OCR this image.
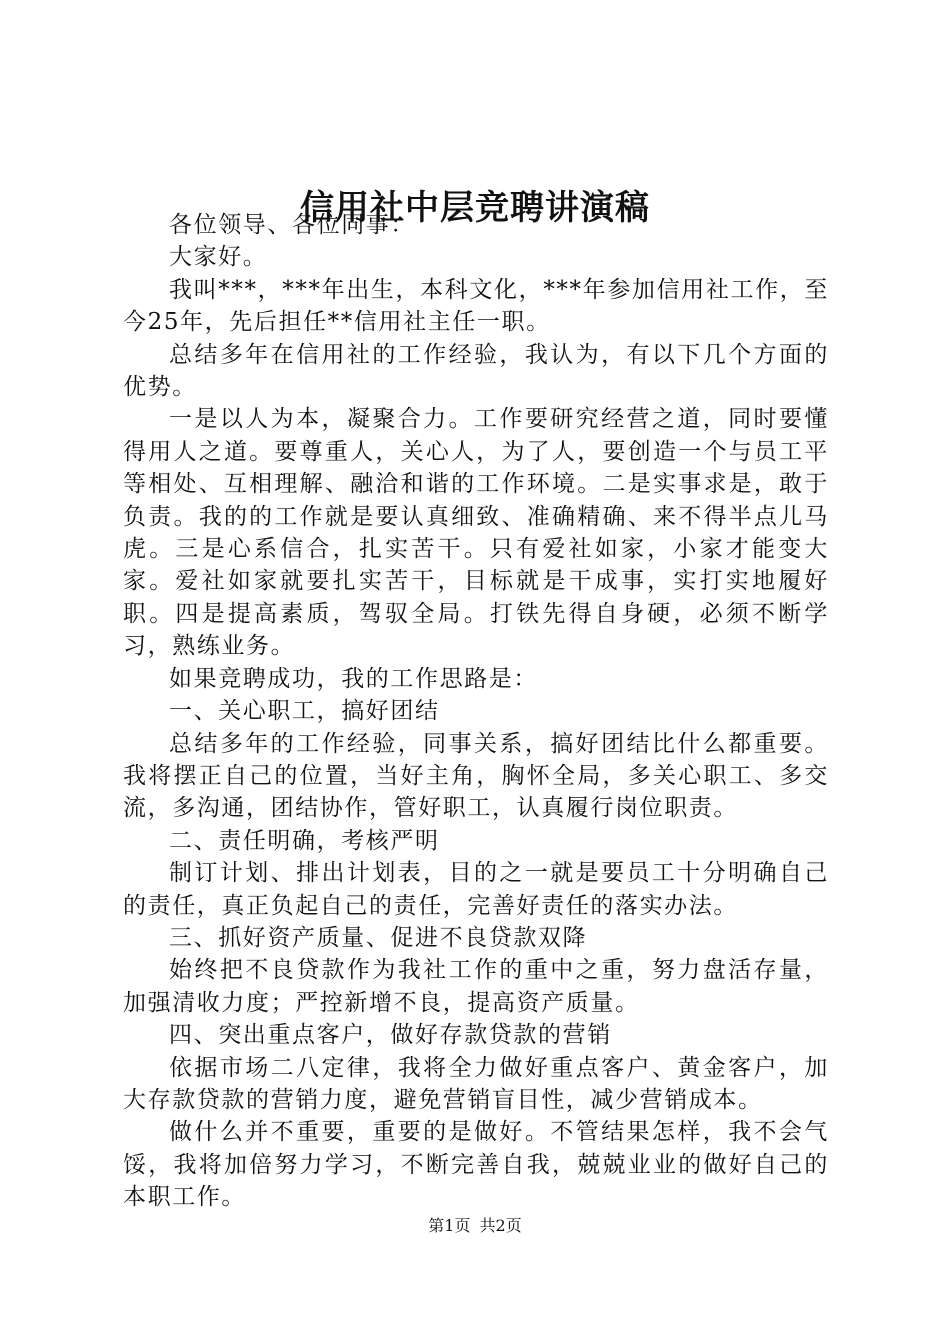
信用社中层竞聘讲演稿

各位领导、各位同事：

大家好。

我叫***，***年出生，本科文化，***年参加信用社工作，至今25年，先后担任**信用社主任一职。

总结多年在信用社的工作经验，我认为，有以下几个方面的优势。

一是以人为本，凝聚合力。工作要研究经营之道，同时要懂得用人之道。要尊重人，关心人，为了人，要创造一个与员工平等相处、互相理解、融洽和谐的工作环境。二是实事求是，敢于负责。我的的工作就是要认真细致、准确精确、来不得半点儿马虎。三是心系信合，扎实苦干。只有爱社如家，小家才能变大家。爱社如家就要扎实苦干，目标就是干成事，实打实地履好职。四是提高素质，驾驭全局。打铁先得自身硬，必须不断学习，熟练业务。

如果竞聘成功，我的工作思路是：

一、关心职工，搞好团结

总结多年的工作经验，同事关系，搞好团结比什么都重要。我将摆正自己的位置，当好主角，胸怀全局，多关心职工、多交流，多沟通，团结协作，管好职工，认真履行岗位职责。

二、责任明确，考核严明

制订计划、排出计划表，目的之一就是要员工十分明确自己的责任，真正负起自己的责任，完善好责任的落实办法。

三、抓好资产质量、促进不良贷款双降

始终把不良贷款作为我社工作的重中之重，努力盘活存量，加强清收力度；严控新增不良，提高资产质量。

四、突出重点客户，做好存款贷款的营销

依据市场二八定律，我将全力做好重点客户、黄金客户，加大存款贷款的营销力度，避免营销盲目性，减少营销成本。

做什么并不重要，重要的是做好。不管结果怎样，我不会气馁，我将加倍努力学习，不断完善自我，兢兢业业的做好自己的本职工作。

第1页 共2页
